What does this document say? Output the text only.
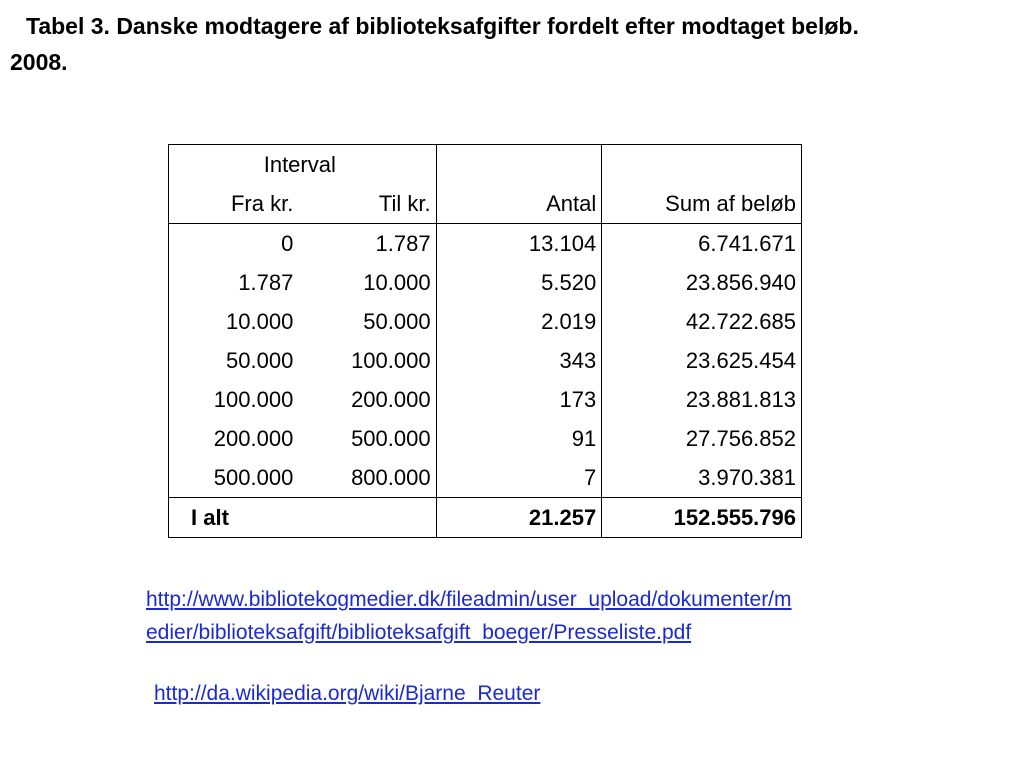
Tabel 3. Danske modtagere af biblioteksafgifter fordelt efter modtaget beløb.
2008.
Interval			
Fra kr.	Til kr.	Antal	Sum af beløb
0	1.787	13.104	6.741.671
1.787	10.000	5.520	23.856.940
10.000	50.000	2.019	42.722.685
50.000	100.000	343	23.625.454
100.000	200.000	173	23.881.813
200.000	500.000	91	27.756.852
500.000	800.000	7	3.970.381
I alt		21.257	152.555.796
http://www.bibliotekogmedier.dk/fileadmin/user_upload/dokumenter/m
edier/biblioteksafgift/biblioteksafgift_boeger/Presseliste.pdf
http://da.wikipedia.org/wiki/Bjarne_Reuter
